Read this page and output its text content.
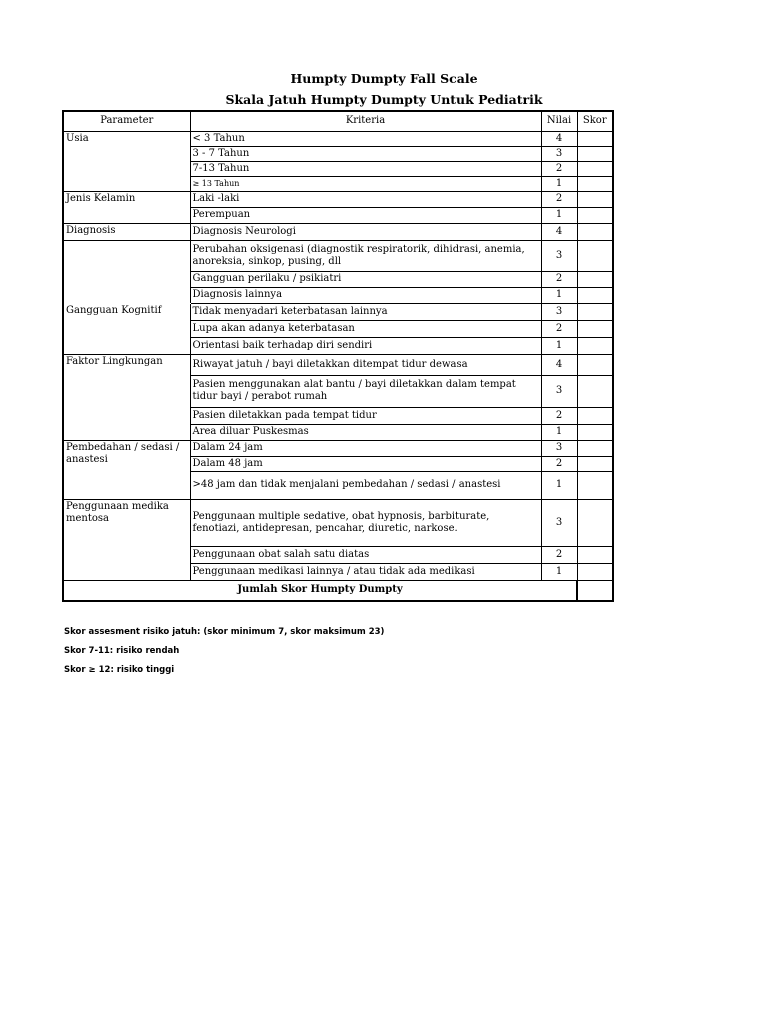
Humpty Dumpty Fall Scale
Skala Jatuh Humpty Dumpty Untuk Pediatrik
Parameter	Kriteria	Nilai	Skor
Usia	< 3 Tahun	4	
	3 - 7 Tahun	3	
	7-13 Tahun	2	
	≥ 13 Tahun	1	
Jenis Kelamin	Laki -laki	2	
	Perempuan	1	
Diagnosis	Diagnosis Neurologi	4	
	Perubahan oksigenasi (diagnostik respiratorik, dihidrasi, anemia, anoreksia, sinkop, pusing, dll	3	
	Gangguan perilaku / psikiatri	2	
	Diagnosis lainnya	1	
Gangguan Kognitif	Tidak menyadari keterbatasan lainnya	3	
	Lupa akan adanya keterbatasan	2	
	Orientasi baik terhadap diri sendiri	1	
Faktor Lingkungan	Riwayat jatuh / bayi diletakkan ditempat tidur dewasa	4	
	Pasien menggunakan alat bantu / bayi diletakkan dalam tempat tidur bayi / perabot rumah	3	
	Pasien diletakkan pada tempat tidur	2	
	Area diluar Puskesmas	1	
Pembedahan / sedasi / anastesi	Dalam 24 jam	3	
	Dalam 48 jam	2	
	>48 jam dan tidak menjalani pembedahan / sedasi / anastesi	1	
Penggunaan medika mentosa	Penggunaan multiple sedative, obat hypnosis, barbiturate, fenotiazi, antidepresan, pencahar, diuretic, narkose.	3	
	Penggunaan obat salah satu diatas	2	
	Penggunaan medikasi lainnya / atau tidak ada medikasi	1	
Jumlah Skor Humpty Dumpty			
Skor assesment risiko jatuh: (skor minimum 7, skor maksimum 23)
Skor 7-11: risiko rendah
Skor ≥ 12: risiko tinggi
